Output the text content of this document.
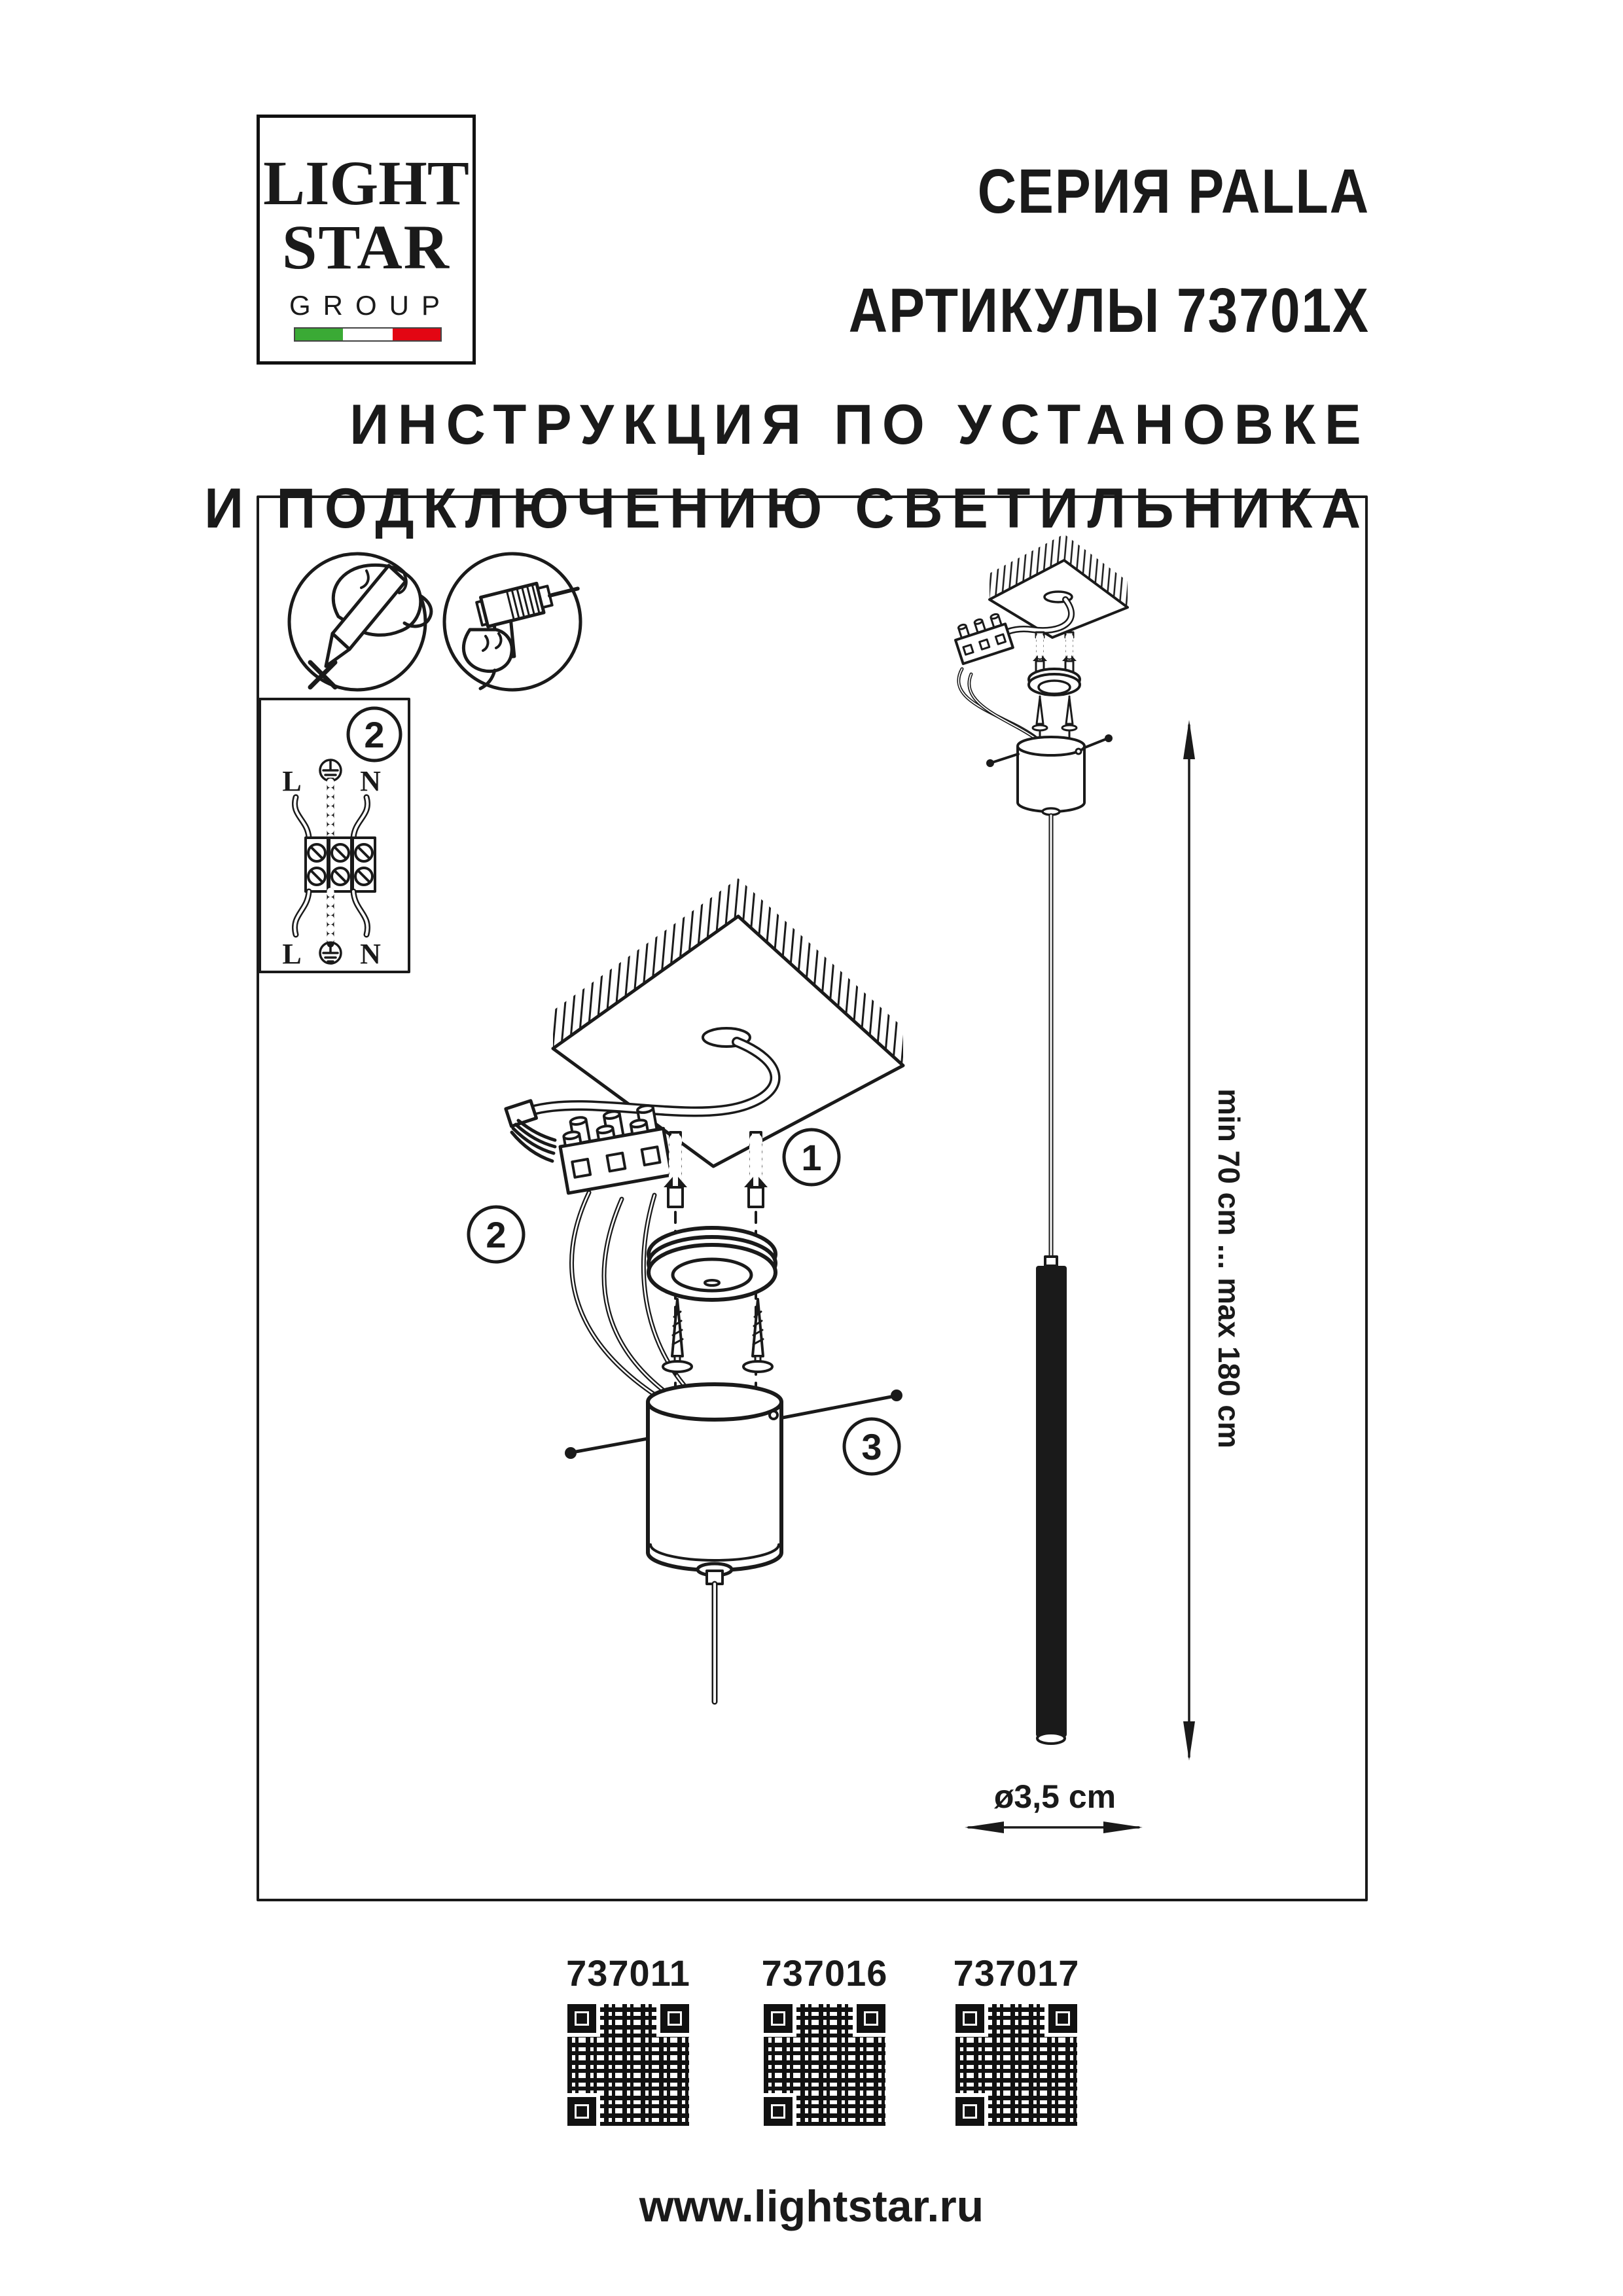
LIGHT
STAR
GROUP
СЕРИЯ PALLA
АРТИКУЛЫ 73701X
ИНСТРУКЦИЯ ПО УСТАНОВКЕ
И ПОДКЛЮЧЕНИЮ СВЕТИЛЬНИКА
2
L N
L N
2
1
3	min 70 cm ... max 180 cm
ø3,5 cm
737011	737016	737017
www.lightstar.ru
